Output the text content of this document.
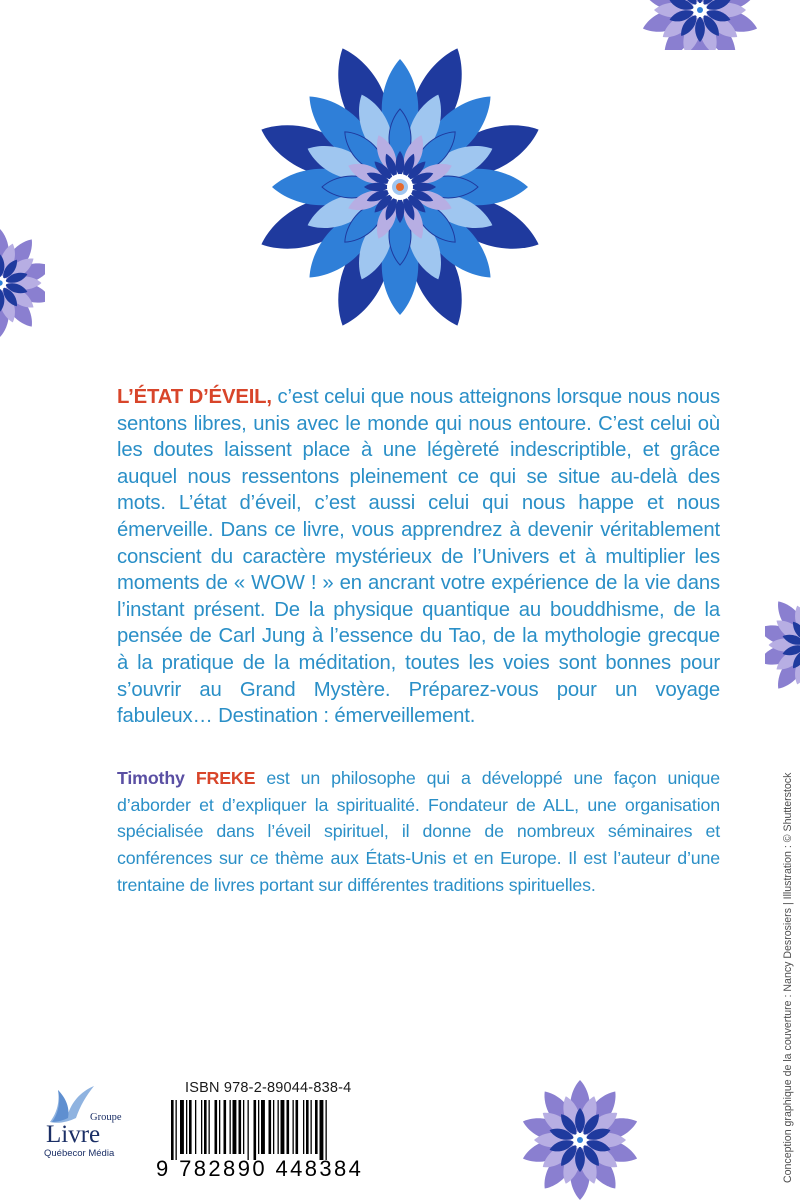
L’ÉTAT D’ÉVEIL, c’est celui que nous atteignons lorsque nous nous sentons libres, unis avec le monde qui nous entoure. C’est celui où les doutes laissent place à une légèreté indescriptible, et grâce auquel nous ressentons pleinement ce qui se situe au-delà des mots. L’état d’éveil, c’est aussi celui qui nous happe et nous émerveille. Dans ce livre, vous apprendrez à devenir véritablement conscient du caractère mystérieux de l’Univers et à multiplier les moments de « WOW ! » en ancrant votre expérience de la vie dans l’instant présent. De la physique quantique au bouddhisme, de la pensée de Carl Jung à l’essence du Tao, de la mythologie grecque à la pratique de la méditation, toutes les voies sont bonnes pour s’ouvrir au Grand Mystère. Préparez-vous pour un voyage fabuleux… Destination : émerveillement.
Timothy FREKE est un philosophe qui a développé une façon unique d’aborder et d’expliquer la spiritualité. Fondateur de ALL, une organisation spécialisée dans l’éveil spirituel, il donne de nombreux séminaires et conférences sur ce thème aux États-Unis et en Europe. Il est l’auteur d’une trentaine de livres portant sur différentes traditions spirituelles.	Conception graphique de la couverture : Nancy Desrosiers | Illustration : © Shutterstock
Groupe
Livre
Québecor Média
ISBN 978-2-89044-838-4
9 782890 448384
